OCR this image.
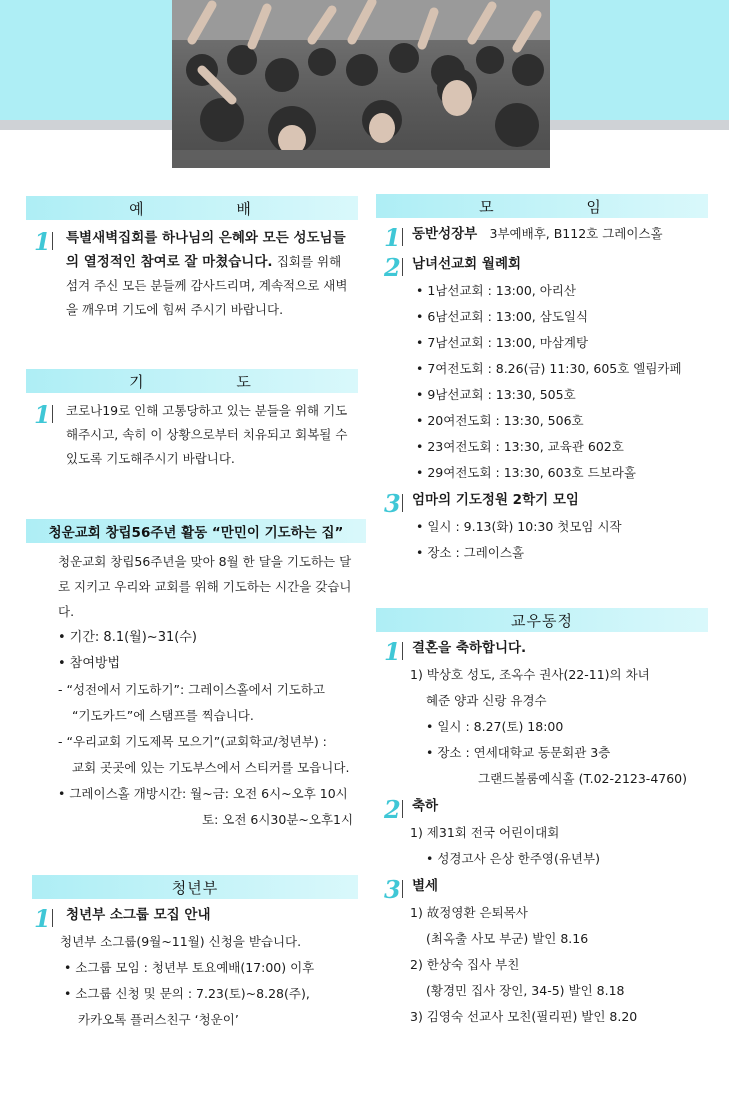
예 배
1 특별새벽집회를 하나님의 은혜와 모든 성도님들의 열정적인 참여로 잘 마쳤습니다. 집회를 위해 섬겨 주신 모든 분들께 감사드리며, 계속적으로 새벽을 깨우며 기도에 힘써 주시기 바랍니다.
기 도
1 코로나19로 인해 고통당하고 있는 분들을 위해 기도해주시고, 속히 이 상황으로부터 치유되고 회복될 수 있도록 기도해주시기 바랍니다.
청운교회 창립56주년 활동 “만민이 기도하는 집”
청운교회 창립56주년을 맞아 8월 한 달을 기도하는 달로 지키고 우리와 교회를 위해 기도하는 시간을 갖습니다.
• 기간: 8.1(월)~31(수)
• 참여방법
- “성전에서 기도하기”: 그레이스홀에서 기도하고
“기도카드”에 스탬프를 찍습니다.
- “우리교회 기도제목 모으기”(교회학교/청년부) :
교회 곳곳에 있는 기도부스에서 스티커를 모읍니다.
• 그레이스홀 개방시간: 월~금: 오전 6시~오후 10시
토: 오전 6시30분~오후1시
청년부
1 청년부 소그룹 모집 안내
청년부 소그룹(9월~11월) 신청을 받습니다.
• 소그룹 모임 : 청년부 토요예배(17:00) 이후
• 소그룹 신청 및 문의 : 7.23(토)~8.28(주),
카카오톡 플러스친구 ‘청운이’
모 임
1 동반성장부 3부예배후, B112호 그레이스홀
2 남녀선교회 월례회
• 1남선교회 : 13:00, 아리산
• 6남선교회 : 13:00, 삼도일식
• 7남선교회 : 13:00, 마삼계탕
• 7여전도회 : 8.26(금) 11:30, 605호 엘림카페
• 9남선교회 : 13:30, 505호
• 20여전도회 : 13:30, 506호
• 23여전도회 : 13:30, 교육관 602호
• 29여전도회 : 13:30, 603호 드보라홀
3 엄마의 기도정원 2학기 모임
• 일시 : 9.13(화) 10:30 첫모임 시작
• 장소 : 그레이스홀
교우동정
1 결혼을 축하합니다.
1) 박상호 성도, 조옥수 권사(22-11)의 차녀
혜준 양과 신랑 유경수
• 일시 : 8.27(토) 18:00
• 장소 : 연세대학교 동문회관 3층
그랜드볼룸예식홀 (T.02-2123-4760)
2 축하
1) 제31회 전국 어린이대회
• 성경고사 은상 한주영(유년부)
3 별세
1) 故정영환 은퇴목사
(최옥출 사모 부군) 발인 8.16
2) 한상숙 집사 부친
(황경민 집사 장인, 34-5) 발인 8.18
3) 김영숙 선교사 모친(필리핀) 발인 8.20
